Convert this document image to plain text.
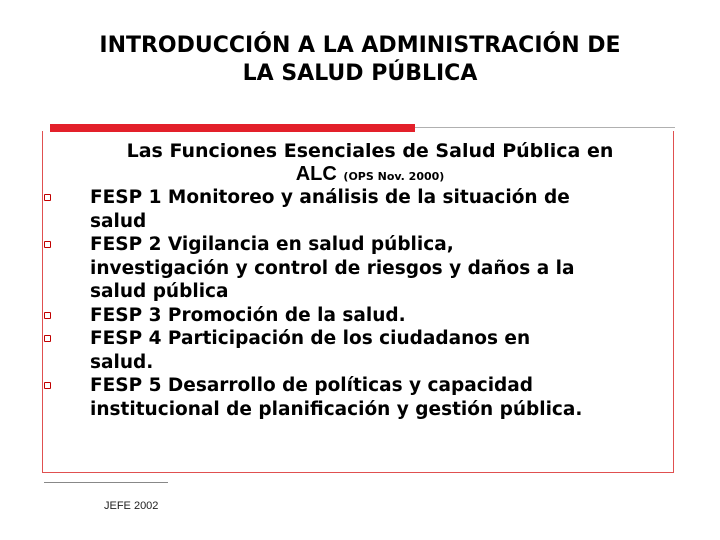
INTRODUCCIÓN A LA ADMINISTRACIÓN DE
LA SALUD PÚBLICA
Las Funciones Esenciales de Salud Pública en
ALC (OPS Nov. 2000)
FESP 1 Monitoreo y análisis de la situación de
salud
FESP 2 Vigilancia en salud pública,
investigación y control de riesgos y daños a la
salud pública
FESP 3 Promoción de la salud.
FESP 4 Participación de los ciudadanos en
salud.
FESP 5 Desarrollo de políticas y capacidad
institucional de planificación y gestión pública.
JEFE 2002
